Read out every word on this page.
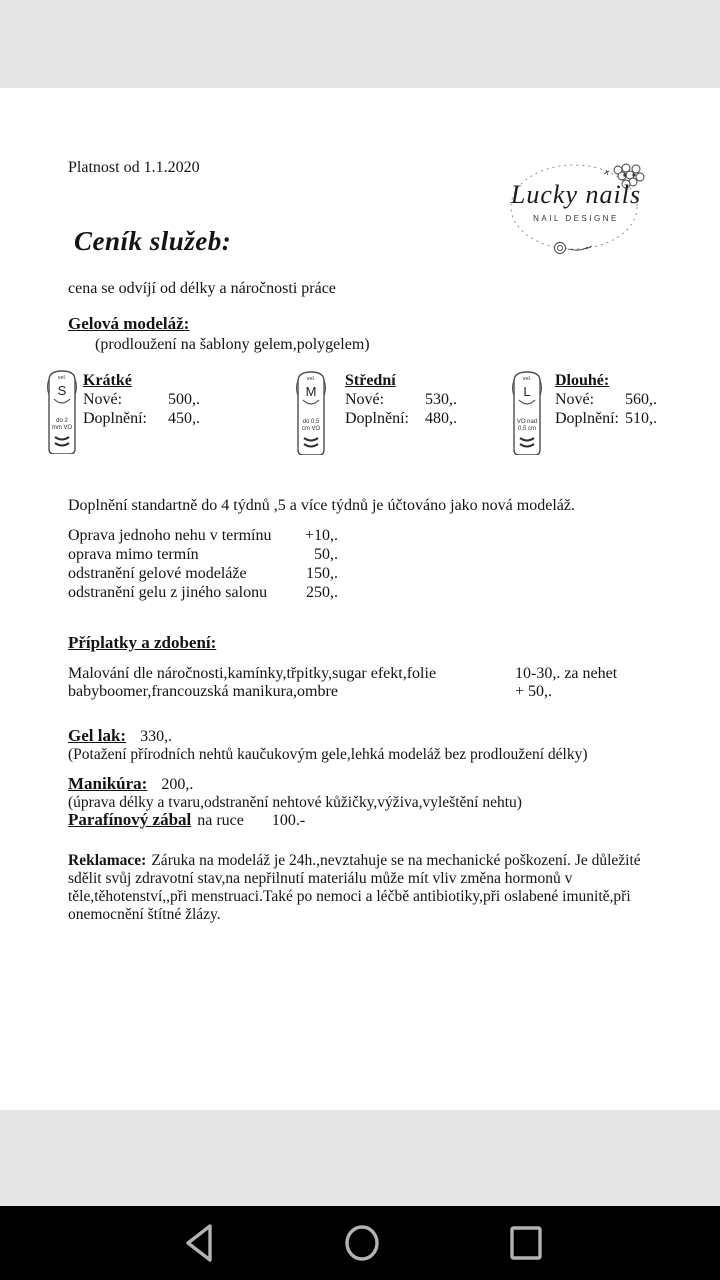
Platnost od 1.1.2020
Lucky nails
NAIL DESIGNE
Ceník služeb:
cena se odvíjí od délky a náročnosti práce
Gelová modeláž:
(prodloužení na šablony gelem,polygelem)
vel.
S
do 2
mm VO
vel.
M
do 0,5
cm VO
vel.
L
VO nad
0,5 cm
Krátké
Nové:	500,.
Doplnění: 450,.
Střední
Nové:	530,.
Doplnění: 480,.
Dlouhé:
Nové: 560,.
Doplnění: 510,.
Doplnění standartně do 4 týdnů ,5 a více týdnů je účtováno jako nová modeláž.
Oprava jednoho nehu v termínu +10,.
oprava mimo termín	50,.
odstranění gelové modeláže	150,.
odstranění gelu z jiného salonu 250,.
Příplatky a zdobení:
Malování dle náročnosti,kamínky,třpitky,sugar efekt,folie	10-30,. za nehet
babyboomer,francouzská manikura,ombre	+ 50,.
Gel lak: 330,.
(Potažení přírodních nehtů kaučukovým gele,lehká modeláž bez prodloužení délky)
Manikúra: 200,.
(úprava délky a tvaru,odstranění nehtové kůžičky,výživa,vyleštění nehtu)
Parafínový zábal na ruce 100.-

Reklamace: Záruka na modeláž je 24h.,nevztahuje se na mechanické poškození. Je důležité sdělit svůj zdravotní stav,na nepřilnutí materiálu může mít vliv změna hormonů v těle,těhotenství,,při menstruaci.Také po nemoci a léčbě antibiotiky,při oslabené imunitě,při onemocnění štítné žlázy.
